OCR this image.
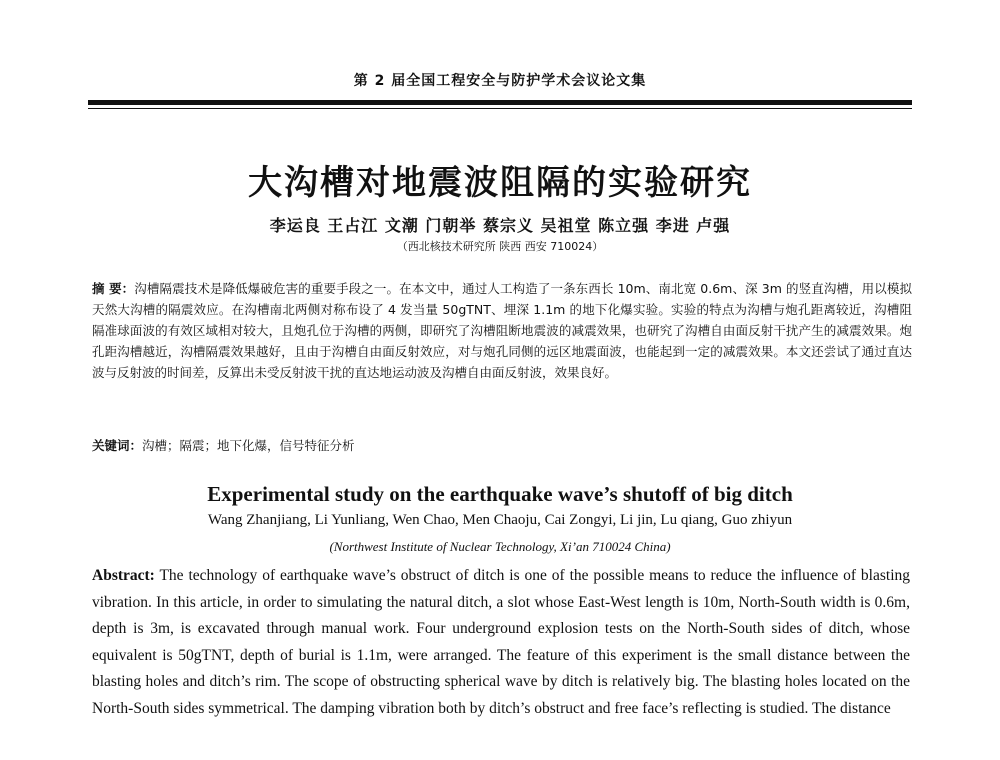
第 2 届全国工程安全与防护学术会议论文集
大沟槽对地震波阻隔的实验研究
李运良 王占江 文潮 门朝举 蔡宗义 吴祖堂 陈立强 李进 卢强
（西北核技术研究所 陕西 西安 710024）
摘 要：沟槽隔震技术是降低爆破危害的重要手段之一。在本文中，通过人工构造了一条东西长 10m、南北宽 0.6m、深 3m 的竖直沟槽，用以模拟天然大沟槽的隔震效应。在沟槽南北两侧对称布设了 4 发当量 50gTNT、埋深 1.1m 的地下化爆实验。实验的特点为沟槽与炮孔距离较近，沟槽阻隔准球面波的有效区域相对较大，且炮孔位于沟槽的两侧，即研究了沟槽阻断地震波的减震效果，也研究了沟槽自由面反射干扰产生的减震效果。炮孔距沟槽越近，沟槽隔震效果越好，且由于沟槽自由面反射效应，对与炮孔同侧的远区地震面波，也能起到一定的减震效果。本文还尝试了通过直达波与反射波的时间差，反算出未受反射波干扰的直达地运动波及沟槽自由面反射波，效果良好。
关键词：沟槽；隔震；地下化爆，信号特征分析
Experimental study on the earthquake wave’s shutoff of big ditch
Wang Zhanjiang, Li Yunliang, Wen Chao, Men Chaoju, Cai Zongyi, Li jin, Lu qiang, Guo zhiyun
(Northwest Institute of Nuclear Technology, Xi’an 710024 China)
Abstract: The technology of earthquake wave’s obstruct of ditch is one of the possible means to reduce the influence of blasting vibration. In this article, in order to simulating the natural ditch, a slot whose East-West length is 10m, North-South width is 0.6m, depth is 3m, is excavated through manual work. Four underground explosion tests on the North-South sides of ditch, whose equivalent is 50gTNT, depth of burial is 1.1m, were arranged. The feature of this experiment is the small distance between the blasting holes and ditch’s rim. The scope of obstructing spherical wave by ditch is relatively big. The blasting holes located on the North-South sides symmetrical. The damping vibration both by ditch’s obstruct and free face’s reflecting is studied. The distance
